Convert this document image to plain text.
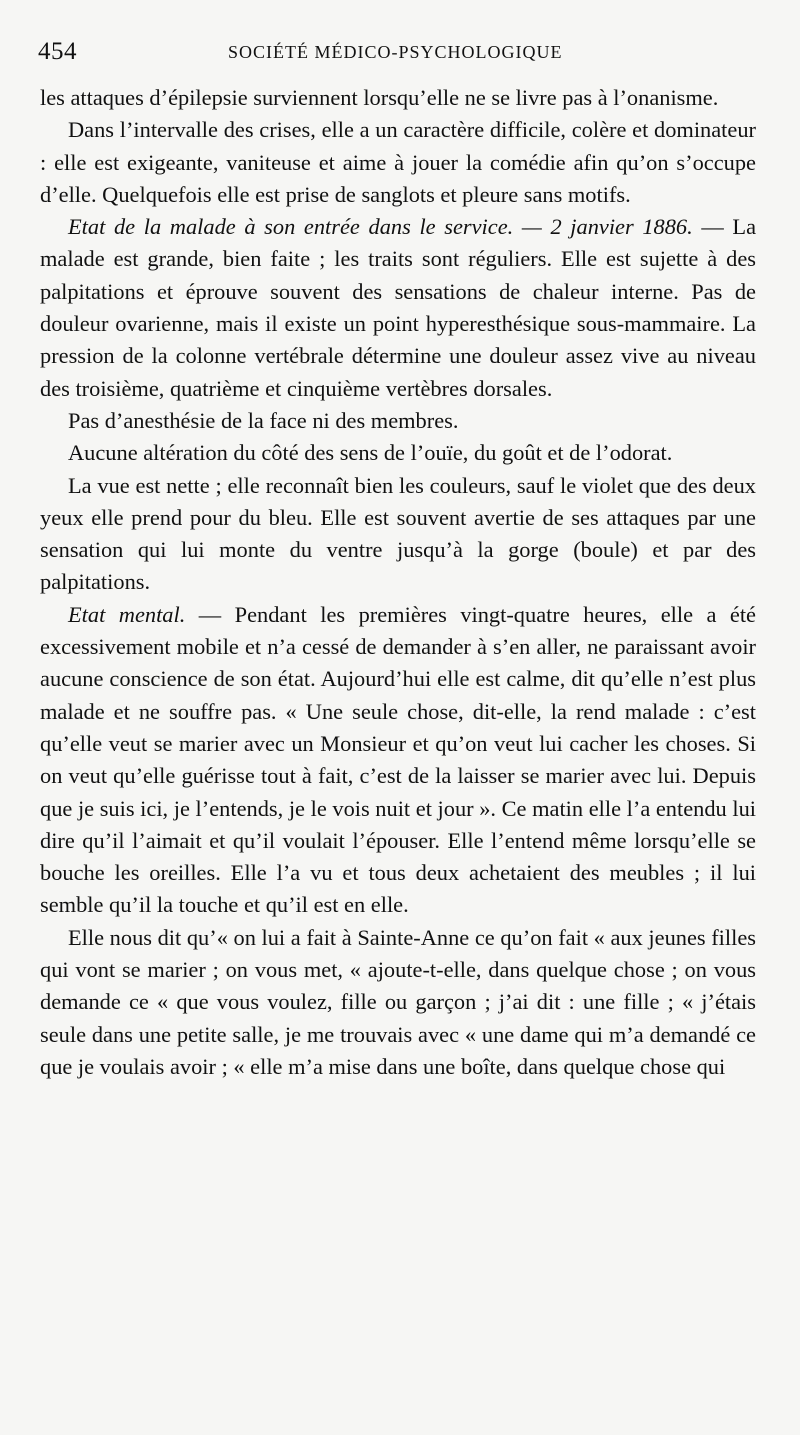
454	SOCIÉTÉ MÉDICO-PSYCHOLOGIQUE

les attaques d’épilepsie surviennent lorsqu’elle ne se livre pas à l’onanisme.

Dans l’intervalle des crises, elle a un caractère difficile, colère et dominateur : elle est exigeante, vaniteuse et aime à jouer la comédie afin qu’on s’occupe d’elle. Quelquefois elle est prise de sanglots et pleure sans motifs.

Etat de la malade à son entrée dans le service. — 2 janvier 1886. — La malade est grande, bien faite ; les traits sont réguliers. Elle est sujette à des palpitations et éprouve souvent des sensations de chaleur interne. Pas de douleur ovarienne, mais il existe un point hyperesthésique sous-mammaire. La pression de la colonne vertébrale détermine une douleur assez vive au niveau des troisième, quatrième et cinquième vertèbres dorsales.

Pas d’anesthésie de la face ni des membres.

Aucune altération du côté des sens de l’ouïe, du goût et de l’odorat.

La vue est nette ; elle reconnaît bien les couleurs, sauf le violet que des deux yeux elle prend pour du bleu. Elle est souvent avertie de ses attaques par une sensation qui lui monte du ventre jusqu’à la gorge (boule) et par des palpitations.

Etat mental. — Pendant les premières vingt-quatre heures, elle a été excessivement mobile et n’a cessé de demander à s’en aller, ne paraissant avoir aucune conscience de son état. Aujourd’hui elle est calme, dit qu’elle n’est plus malade et ne souffre pas. « Une seule chose, dit-elle, la rend malade : c’est qu’elle veut se marier avec un Monsieur et qu’on veut lui cacher les choses. Si on veut qu’elle guérisse tout à fait, c’est de la laisser se marier avec lui. Depuis que je suis ici, je l’entends, je le vois nuit et jour ». Ce matin elle l’a entendu lui dire qu’il l’aimait et qu’il voulait l’épouser. Elle l’entend même lorsqu’elle se bouche les oreilles. Elle l’a vu et tous deux achetaient des meubles ; il lui semble qu’il la touche et qu’il est en elle.

Elle nous dit qu’« on lui a fait à Sainte-Anne ce qu’on fait « aux jeunes filles qui vont se marier ; on vous met, « ajoute-t-elle, dans quelque chose ; on vous demande ce « que vous voulez, fille ou garçon ; j’ai dit : une fille ; « j’étais seule dans une petite salle, je me trouvais avec « une dame qui m’a demandé ce que je voulais avoir ; « elle m’a mise dans une boîte, dans quelque chose qui
